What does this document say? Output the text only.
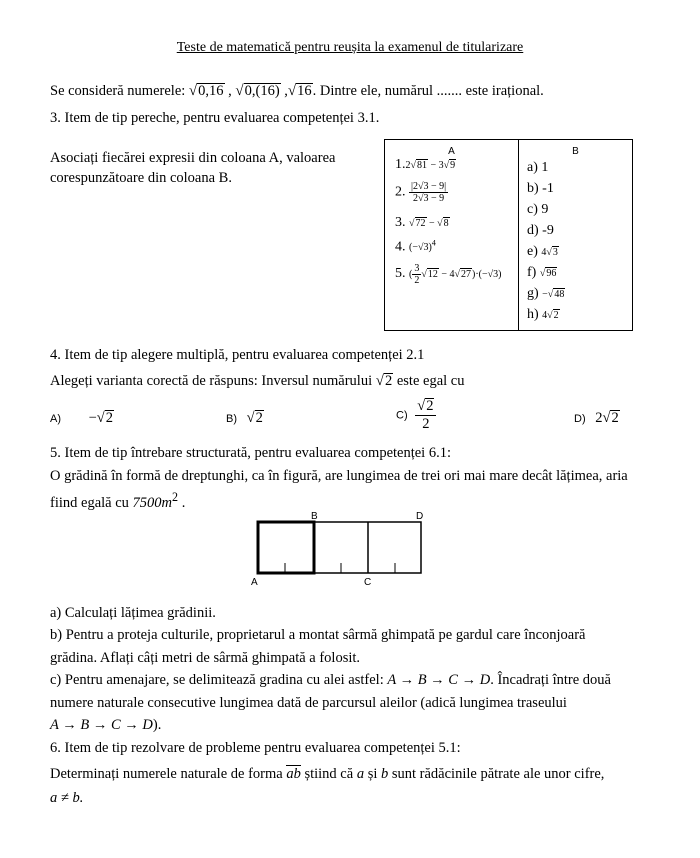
Teste de matematică pentru reușita la examenul de titularizare
Se consideră numerele: √0,16 , √0,(16) ,√16. Dintre ele, numărul ....... este irațional.
3. Item de tip pereche, pentru evaluarea competenței 3.1.
Asociați fiecărei expresii din coloana A, valoarea
corespunzătoare din coloana B.
A
1.2√81 − 3√9
2. $\frac{|2√3 - 9|}{2√3 - 9}$
3. √72 − √8
4. $(-√3)^4$
5. ( $\frac{3}{2} √12 - 4√27)\cdot(-√3)$

B
a) 1
b) -1
c) 9
d) -9
e) 4√3
f) √96
g) −√48
h) 4√2
4. Item de tip alegere multiplă, pentru evaluarea competenței 2.1
Alegeți varianta corectă de răspuns: Inversul numărului √2 este egal cu
A) −√2	B) √2	$C) \frac{√2}{2}$	D) 2√2
5. Item de tip întrebare structurată, pentru evaluarea competenței 6.1:
O grădină în formă de dreptunghi, ca în figură, are lungimea de trei ori mai mare decât lățimea, aria
fiind egală cu $7500m^2$ .
A
B
C
D
a) Calculați lățimea grădinii.
b) Pentru a proteja culturile, proprietarul a montat sârmă ghimpată pe gardul care înconjoară
grădina. Aflați câți metri de sârmă ghimpată a folosit.
c) Pentru amenajare, se delimitează gradina cu alei astfel: A → B → C → D. Încadrați între două
numere naturale consecutive lungimea dată de parcursul aleilor (adică lungimea traseului
A → B → C → D).
6. Item de tip rezolvare de probleme pentru evaluarea competenței 5.1:
Determinați numerele naturale de forma ab știind că a și b sunt rădăcinile pătrate ale unor cifre,
a ≠ b.
